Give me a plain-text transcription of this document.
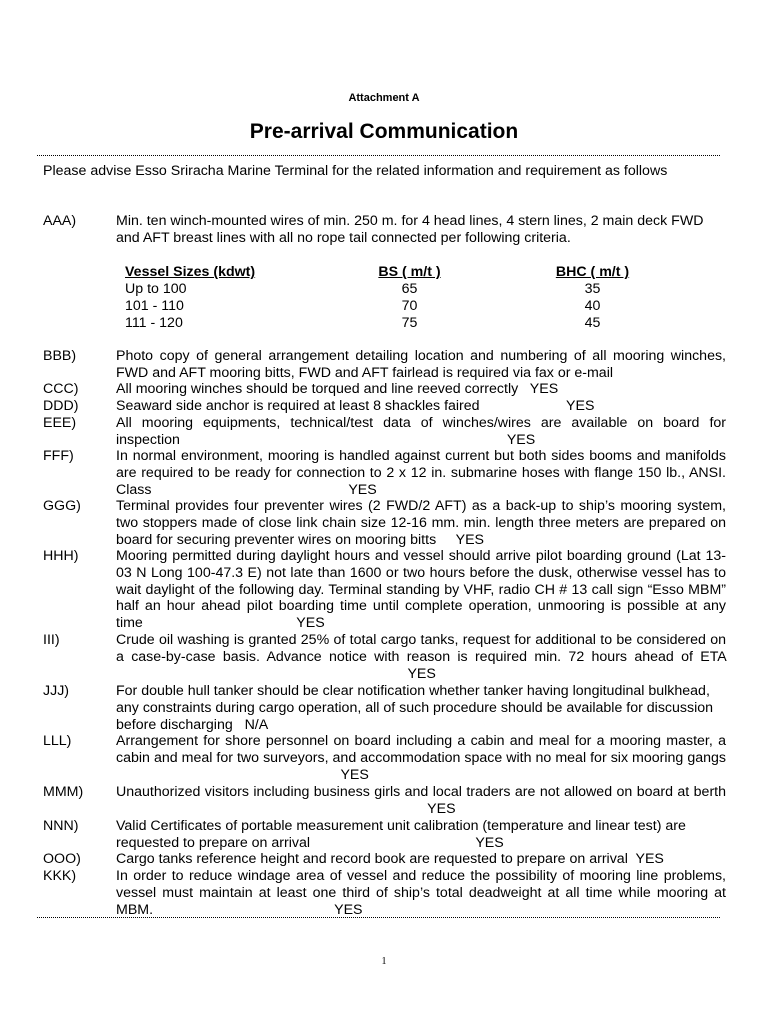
Attachment A
Pre-arrival Communication
Please advise Esso Sriracha Marine Terminal for the related information and requirement as follows
AAA)	Min. ten winch-mounted wires of min. 250 m. for 4 head lines, 4 stern lines, 2 main deck FWD and AFT breast lines with all no rope tail connected per following criteria.
Vessel Sizes (kdwt)	BS ( m/t )	BHC ( m/t )
Up to 100	65	35
101 - 110	70	40
111 - 120	75	45
BBB)	Photo copy of general arrangement detailing location and numbering of all mooring winches, FWD and AFT mooring bitts, FWD and AFT fairlead is required via fax or e-mail
CCC)	All mooring winches should be torqued and line reeved correctly YES
DDD)	Seaward side anchor is required at least 8 shackles faired	YES
EEE)	All mooring equipments, technical/test data of winches/wires are available on board for inspection	YES
FFF)	In normal environment, mooring is handled against current but both sides booms and manifolds are required to be ready for connection to 2 x 12 in. submarine hoses with flange 150 lb., ANSI. Class	YES
GGG)	Terminal provides four preventer wires (2 FWD/2 AFT) as a back-up to ship’s mooring system, two stoppers made of close link chain size 12-16 mm. min. length three meters are prepared on board for securing preventer wires on mooring bitts YES
HHH)	Mooring permitted during daylight hours and vessel should arrive pilot boarding ground (Lat 13-03 N Long 100-47.3 E) not late than 1600 or two hours before the dusk, otherwise vessel has to wait daylight of the following day. Terminal standing by VHF, radio CH # 13 call sign “Esso MBM” half an hour ahead pilot boarding time until complete operation, unmooring is possible at any time	YES
III)	Crude oil washing is granted 25% of total cargo tanks, request for additional to be considered on a case-by-case basis. Advance notice with reason is required min. 72 hours ahead of ETA                                                                          YES
JJJ)	For double hull tanker should be clear notification whether tanker having longitudinal bulkhead, any constraints during cargo operation, all of such procedure should be available for discussion before discharging N/A
LLL)	Arrangement for shore personnel on board including a cabin and meal for a mooring master, a cabin and meal for two surveyors, and accommodation space with no meal for six mooring gangs                                                         YES
MMM)	Unauthorized visitors including business girls and local traders are not allowed on board at berth                                                                               YES
NNN)	Valid Certificates of portable measurement unit calibration (temperature and linear test) are requested to prepare on arrival	YES
OOO)	Cargo tanks reference height and record book are requested to prepare on arrival YES
KKK)	In order to reduce windage area of vessel and reduce the possibility of mooring line problems, vessel must maintain at least one third of ship’s total deadweight at all time while mooring at MBM.	YES
1
